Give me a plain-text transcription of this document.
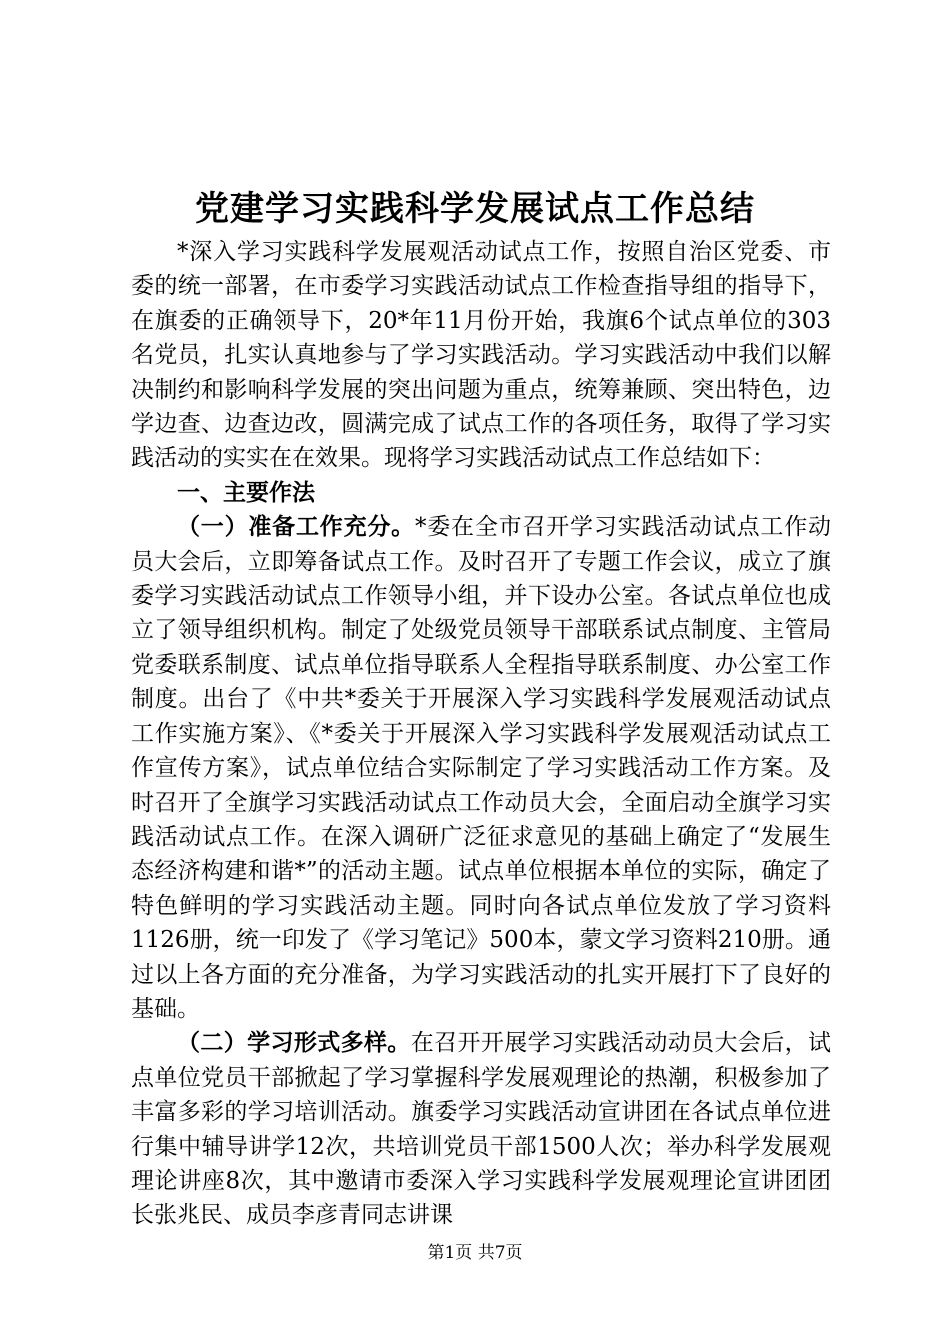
党建学习实践科学发展试点工作总结

*深入学习实践科学发展观活动试点工作，按照自治区党委、市委的统一部署，在市委学习实践活动试点工作检查指导组的指导下，在旗委的正确领导下，20*年11月份开始，我旗6个试点单位的303名党员，扎实认真地参与了学习实践活动。学习实践活动中我们以解决制约和影响科学发展的突出问题为重点，统筹兼顾、突出特色，边学边查、边查边改，圆满完成了试点工作的各项任务，取得了学习实践活动的实实在在效果。现将学习实践活动试点工作总结如下：

一、主要作法

（一）准备工作充分。*委在全市召开学习实践活动试点工作动员大会后，立即筹备试点工作。及时召开了专题工作会议，成立了旗委学习实践活动试点工作领导小组，并下设办公室。各试点单位也成立了领导组织机构。制定了处级党员领导干部联系试点制度、主管局党委联系制度、试点单位指导联系人全程指导联系制度、办公室工作制度。出台了《中共*委关于开展深入学习实践科学发展观活动试点工作实施方案》、《*委关于开展深入学习实践科学发展观活动试点工作宣传方案》，试点单位结合实际制定了学习实践活动工作方案。及时召开了全旗学习实践活动试点工作动员大会，全面启动全旗学习实践活动试点工作。在深入调研广泛征求意见的基础上确定了“发展生态经济构建和谐*”的活动主题。试点单位根据本单位的实际，确定了特色鲜明的学习实践活动主题。同时向各试点单位发放了学习资料1126册，统一印发了《学习笔记》500本，蒙文学习资料210册。通过以上各方面的充分准备，为学习实践活动的扎实开展打下了良好的基础。

（二）学习形式多样。在召开开展学习实践活动动员大会后，试点单位党员干部掀起了学习掌握科学发展观理论的热潮，积极参加了丰富多彩的学习培训活动。旗委学习实践活动宣讲团在各试点单位进行集中辅导讲学12次，共培训党员干部1500人次；举办科学发展观理论讲座8次，其中邀请市委深入学习实践科学发展观理论宣讲团团长张兆民、成员李彦青同志讲课

第1页 共7页
